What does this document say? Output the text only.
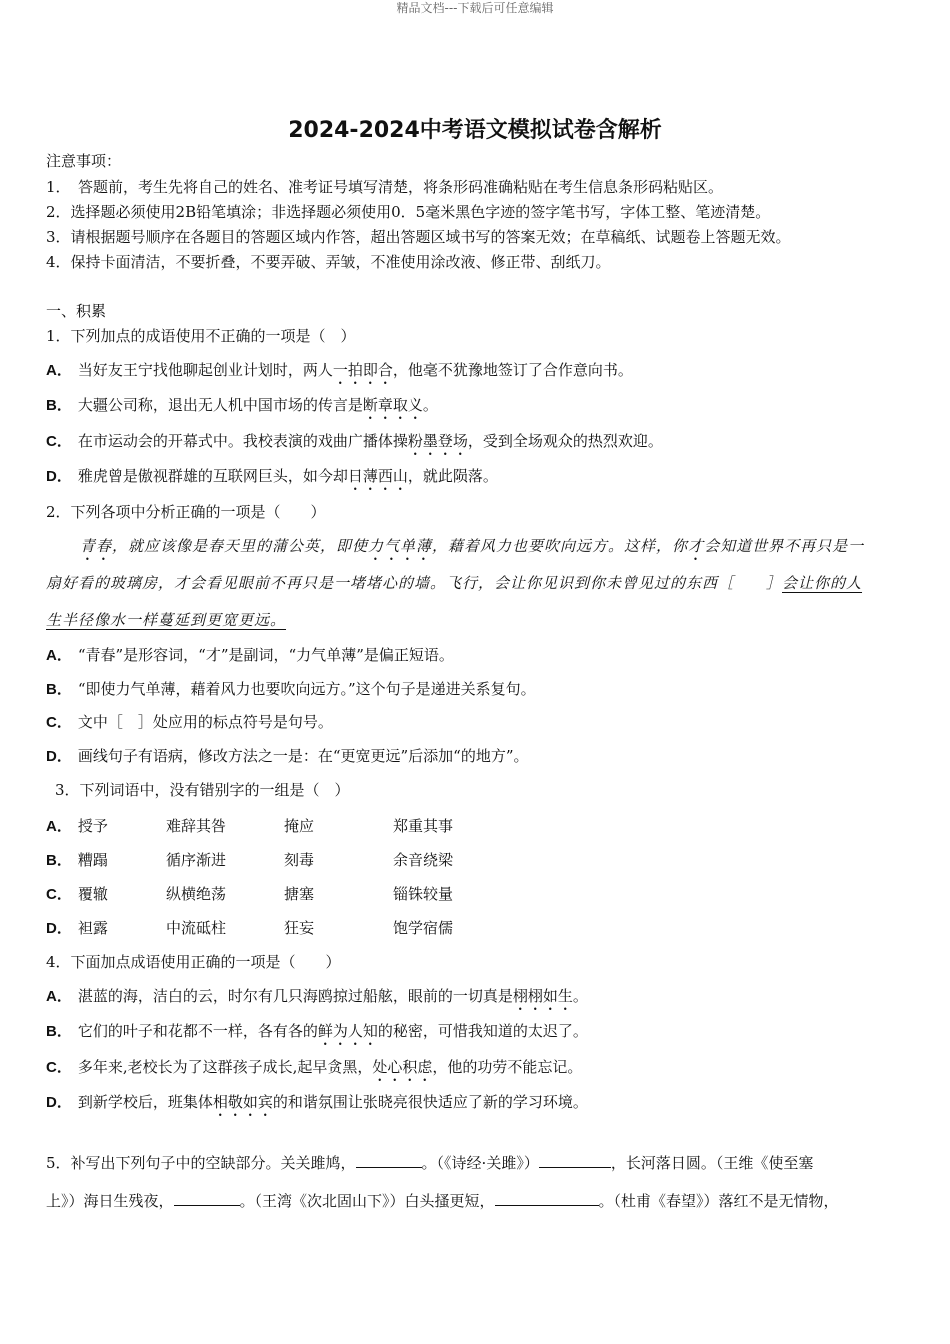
精品文档---下载后可任意编辑
2024-2024中考语文模拟试卷含解析
注意事项：
1．　答题前，考生先将自己的姓名、准考证号填写清楚，将条形码准确粘贴在考生信息条形码粘贴区。
2．选择题必须使用2B铅笔填涂；非选择题必须使用0．5毫米黑色字迹的签字笔书写，字体工整、笔迹清楚。
3．请根据题号顺序在各题目的答题区域内作答，超出答题区域书写的答案无效；在草稿纸、试题卷上答题无效。
4．保持卡面清洁，不要折叠，不要弄破、弄皱，不准使用涂改液、修正带、刮纸刀。
一、积累
1．下列加点的成语使用不正确的一项是（　）
A． 当好友王宁找他聊起创业计划时，两人一拍即合，他毫不犹豫地签订了合作意向书。
B． 大疆公司称，退出无人机中国市场的传言是断章取义。
C． 在市运动会的开幕式中。我校表演的戏曲广播体操粉墨登场，受到全场观众的热烈欢迎。
D． 雅虎曾是傲视群雄的互联网巨头，如今却日薄西山，就此陨落。
2．下列各项中分析正确的一项是（　　）
青春，就应该像是春天里的蒲公英，即使力气单薄，藉着风力也要吹向远方。这样，你才会知道世界不再只是一
扇好看的玻璃房，才会看见眼前不再只是一堵堵心的墙。飞行，会让你见识到你未曾见过的东西［　　］会让你的人
生半径像水一样蔓延到更宽更远。
A． “青春”是形容词，“才”是副词，“力气单薄”是偏正短语。
B． “即使力气单薄，藉着风力也要吹向远方。”这个句子是递进关系复句。
C． 文中［　］处应用的标点符号是句号。
D． 画线句子有语病，修改方法之一是：在“更宽更远”后添加“的地方”。
3．下列词语中，没有错别字的一组是（　）
A． 授予	难辞其咎	掩应	郑重其事
B． 糟蹋	循序渐进	刻毒	余音绕梁
C． 覆辙	纵横绝荡	搪塞	锱铢较量
D． 袒露	中流砥柱	狂妄	饱学宿儒
4．下面加点成语使用正确的一项是（　　）
A． 湛蓝的海，洁白的云，时尔有几只海鸥掠过船舷，眼前的一切真是栩栩如生。
B． 它们的叶子和花都不一样，各有各的鲜为人知的秘密，可惜我知道的太迟了。
C． 多年来,老校长为了这群孩子成长,起早贪黑，处心积虑，他的功劳不能忘记。
D． 到新学校后，班集体相敬如宾的和谐氛围让张晓亮很快适应了新的学习环境。
5．补写出下列句子中的空缺部分。关关雎鸠，	。（《诗经·关雎》）	，长河落日圆。（王维《使至塞
上》）海日生残夜，	。（王湾《次北固山下》）白头搔更短，	。（杜甫《春望》）落红不是无情物，
